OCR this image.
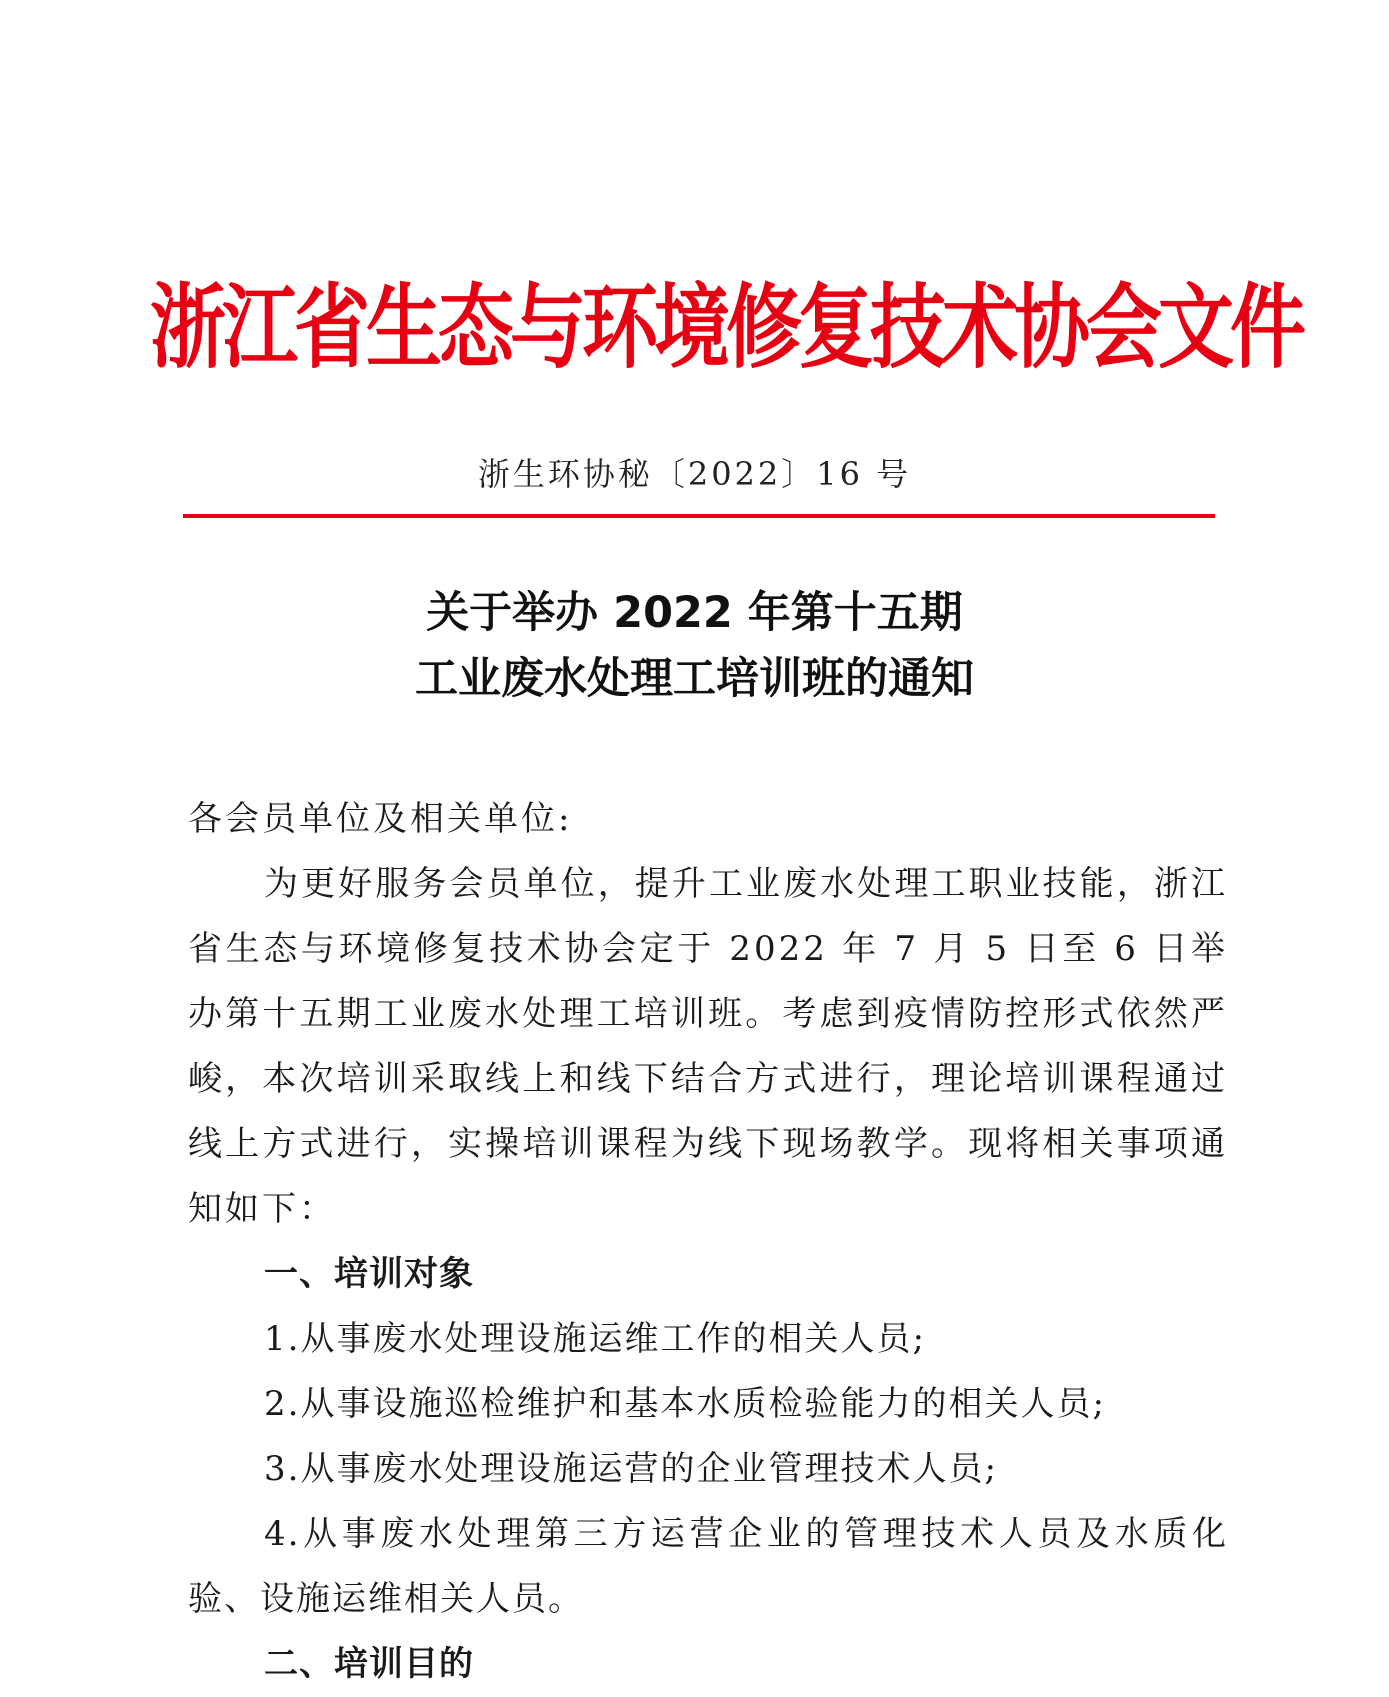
浙江省生态与环境修复技术协会文件
浙生环协秘〔2022〕16 号
关于举办 2022 年第十五期
工业废水处理工培训班的通知

各会员单位及相关单位:

为更好服务会员单位，提升工业废水处理工职业技能，浙江省生态与环境修复技术协会定于 2022 年 7 月 5 日至 6 日举办第十五期工业废水处理工培训班。考虑到疫情防控形式依然严峻，本次培训采取线上和线下结合方式进行，理论培训课程通过线上方式进行，实操培训课程为线下现场教学。现将相关事项通知如下：

一、培训对象

1.从事废水处理设施运维工作的相关人员;

2.从事设施巡检维护和基本水质检验能力的相关人员;

3.从事废水处理设施运营的企业管理技术人员;

4.从事废水处理第三方运营企业的管理技术人员及水质化验、设施运维相关人员。

二、培训目的
